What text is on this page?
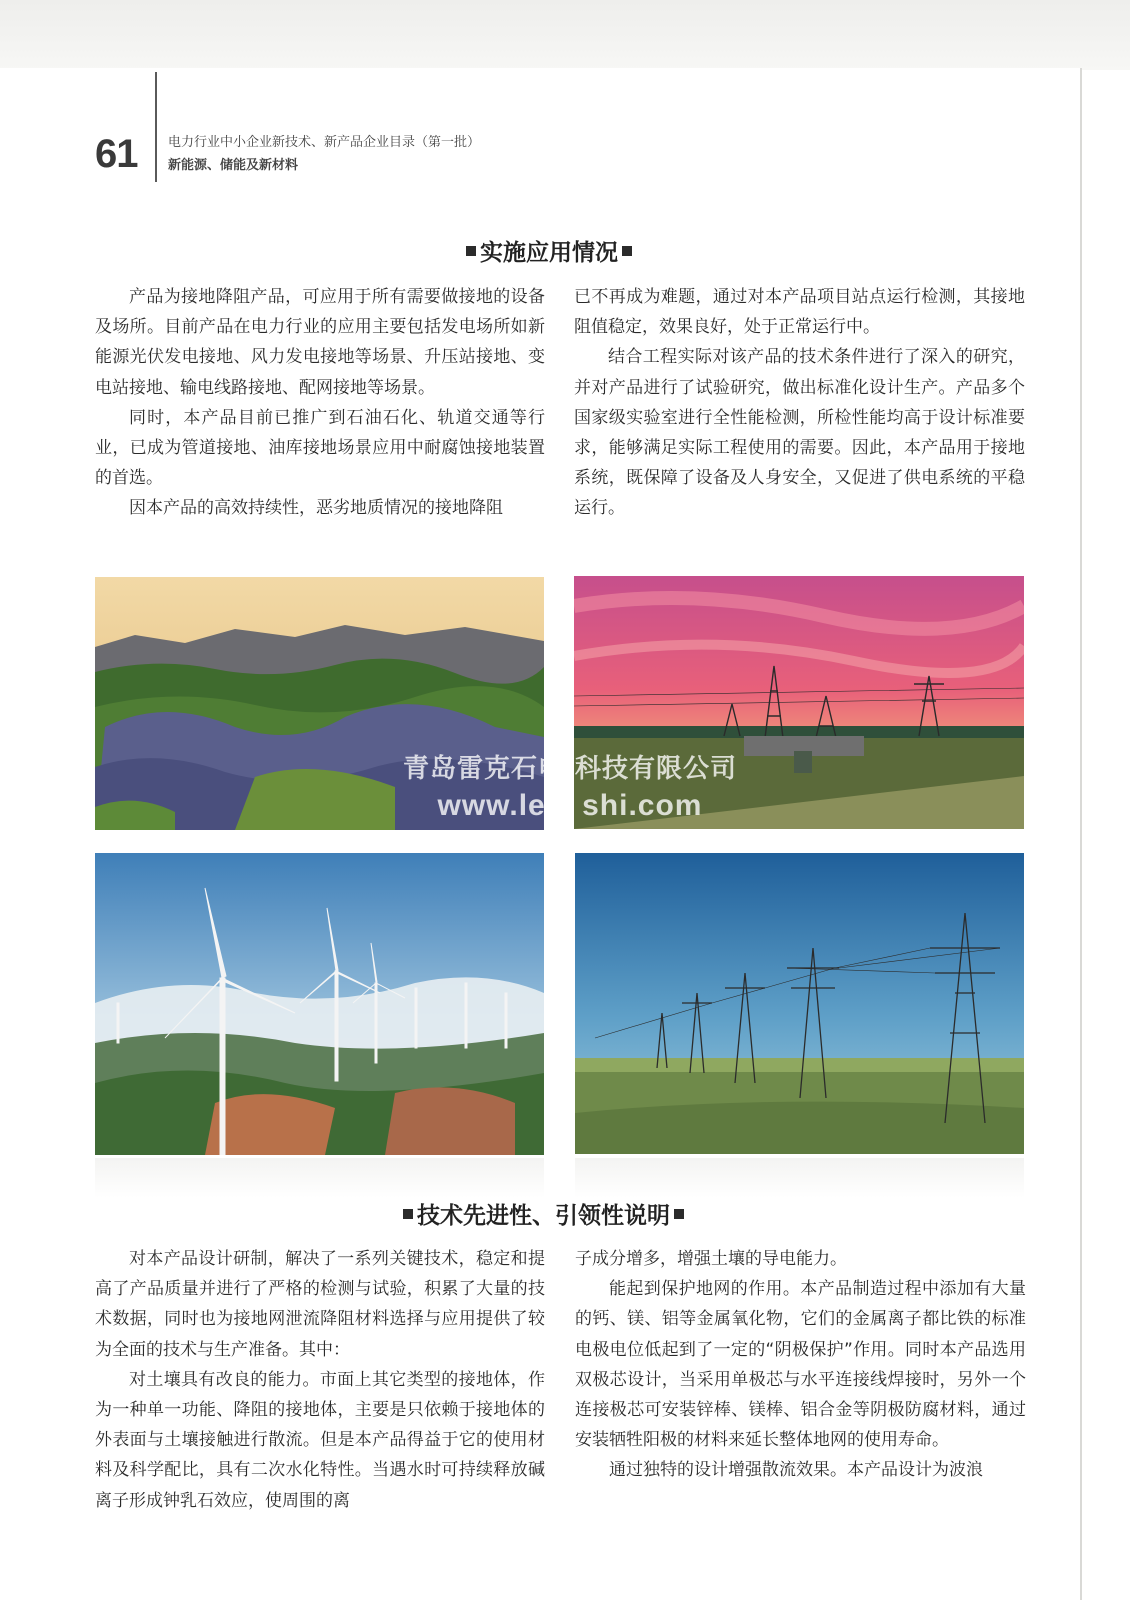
61 电力行业中小企业新技术、新产品企业目录（第一批）
新能源、储能及新材料
实施应用情况

产品为接地降阻产品，可应用于所有需要做接地的设备及场所。目前产品在电力行业的应用主要包括发电场所如新能源光伏发电接地、风力发电接地等场景、升压站接地、变电站接地、输电线路接地、配网接地等场景。

同时，本产品目前已推广到石油石化、轨道交通等行业，已成为管道接地、油库接地场景应用中耐腐蚀接地装置的首选。

因本产品的高效持续性，恶劣地质情况的接地降阻

已不再成为难题，通过对本产品项目站点运行检测，其接地阻值稳定，效果良好，处于正常运行中。

结合工程实际对该产品的技术条件进行了深入的研究，并对产品进行了试验研究，做出标准化设计生产。产品多个国家级实验室进行全性能检测，所检性能均高于设计标准要求，能够满足实际工程使用的需要。因此，本产品用于接地系统，既保障了设备及人身安全，又促进了供电系统的平稳运行。

青岛雷克石电 科技有限公司
www.leik shi.com
技术先进性、引领性说明

对本产品设计研制，解决了一系列关键技术，稳定和提高了产品质量并进行了严格的检测与试验，积累了大量的技术数据，同时也为接地网泄流降阻材料选择与应用提供了较为全面的技术与生产准备。其中：

对土壤具有改良的能力。市面上其它类型的接地体，作为一种单一功能、降阻的接地体，主要是只依赖于接地体的外表面与土壤接触进行散流。但是本产品得益于它的使用材料及科学配比，具有二次水化特性。当遇水时可持续释放碱离子形成钟乳石效应，使周围的离

子成分增多，增强土壤的导电能力。

能起到保护地网的作用。本产品制造过程中添加有大量的钙、镁、铝等金属氧化物，它们的金属离子都比铁的标准电极电位低起到了一定的“阴极保护”作用。同时本产品选用双极芯设计，当采用单极芯与水平连接线焊接时，另外一个连接极芯可安装锌棒、镁棒、铝合金等阴极防腐材料，通过安装牺牲阳极的材料来延长整体地网的使用寿命。

通过独特的设计增强散流效果。本产品设计为波浪
